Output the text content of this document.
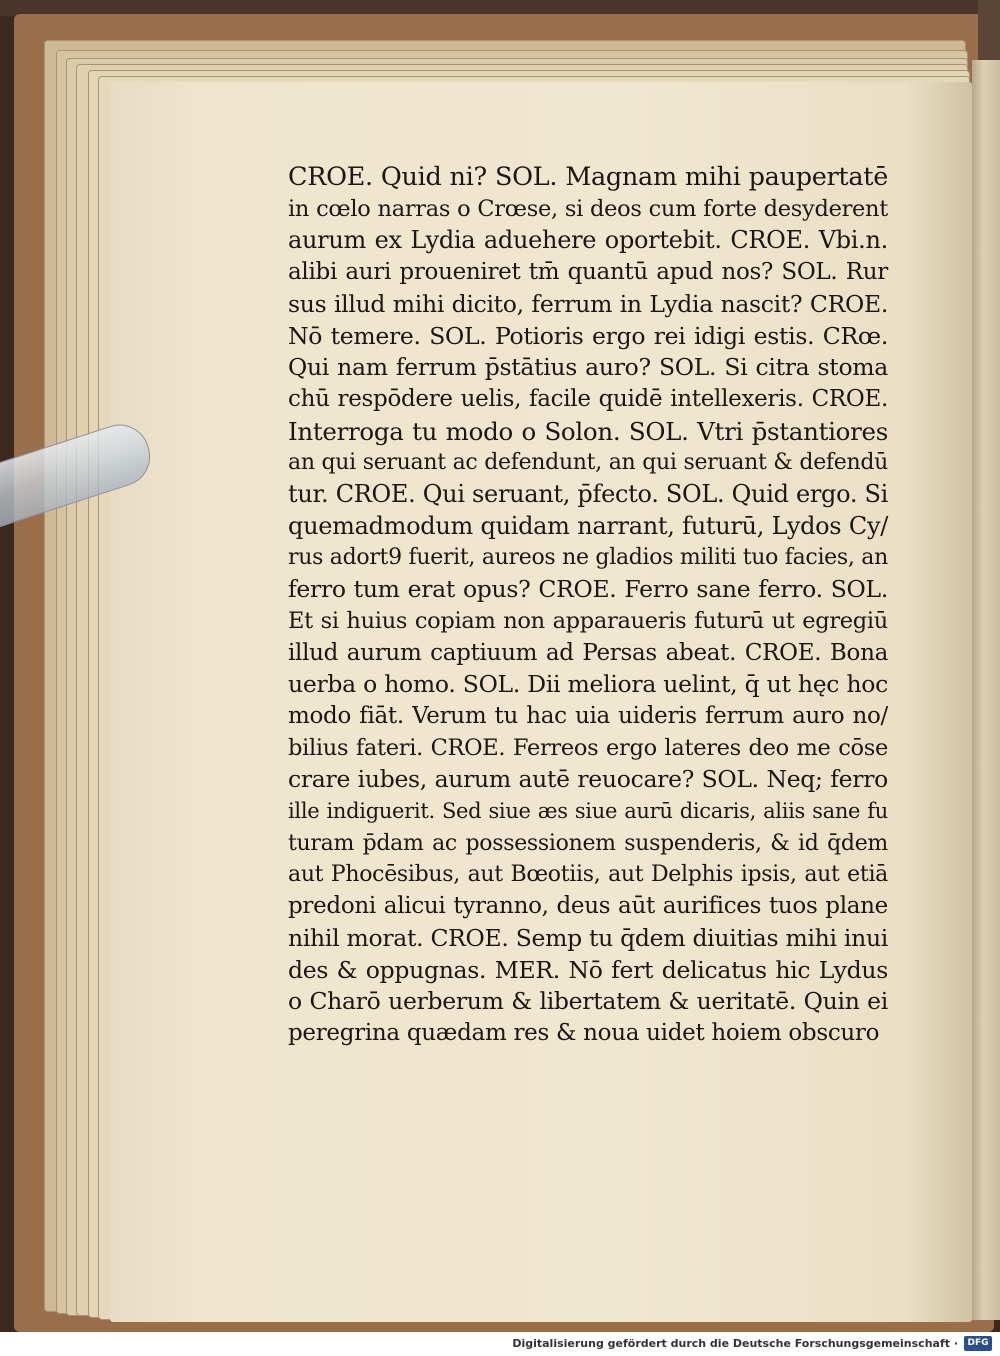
CROE. Quid ni? SOL. Magnam mihi paupertatē
in cœlo narras o Crœse, si deos cum forte desyderent
aurum ex Lydia aduehere oportebit. CROE. Vbi.n.
alibi auri proueniret tm̄ quantū apud nos? SOL. Rur
sus illud mihi dicito, ferrum in Lydia nascit? CROE.
Nō temere. SOL. Potioris ergo rei idigi estis. CRœ.
Qui nam ferrum p̄stātius auro? SOL. Si citra stoma
chū respōdere uelis, facile quidē intellexeris. CROE.
Interroga tu modo o Solon. SOL. Vtri p̄stantiores
an qui seruant ac defendunt, an qui seruant & defendū
tur. CROE. Qui seruant, p̄fecto. SOL. Quid ergo. Si
quemadmodum quidam narrant, futurū, Lydos Cy/
rus adort9 fuerit, aureos ne gladios militi tuo facies, an
ferro tum erat opus? CROE. Ferro sane ferro. SOL.
Et si huius copiam non apparaueris futurū ut egregiū
illud aurum captiuum ad Persas abeat. CROE. Bona
uerba o homo. SOL. Dii meliora uelint, q̄ ut hęc hoc
modo fiāt. Verum tu hac uia uideris ferrum auro no/
bilius fateri. CROE. Ferreos ergo lateres deo me cōse
crare iubes, aurum autē reuocare? SOL. Neq; ferro
ille indiguerit. Sed siue æs siue aurū dicaris, aliis sane fu
turam p̄dam ac possessionem suspenderis, & id q̄dem
aut Phocēsibus, aut Bœotiis, aut Delphis ipsis, aut etiā
predoni alicui tyranno, deus aūt aurifices tuos plane
nihil morat. CROE. Semp tu q̄dem diuitias mihi inui
des & oppugnas. MER. Nō fert delicatus hic Lydus
o Charō uerberum & libertatem & ueritatē. Quin ei
peregrina quædam res & noua uidet hoiem obscuro
Digitalisierung gefördert durch die Deutsche Forschungsgemeinschaft ·	DFG
